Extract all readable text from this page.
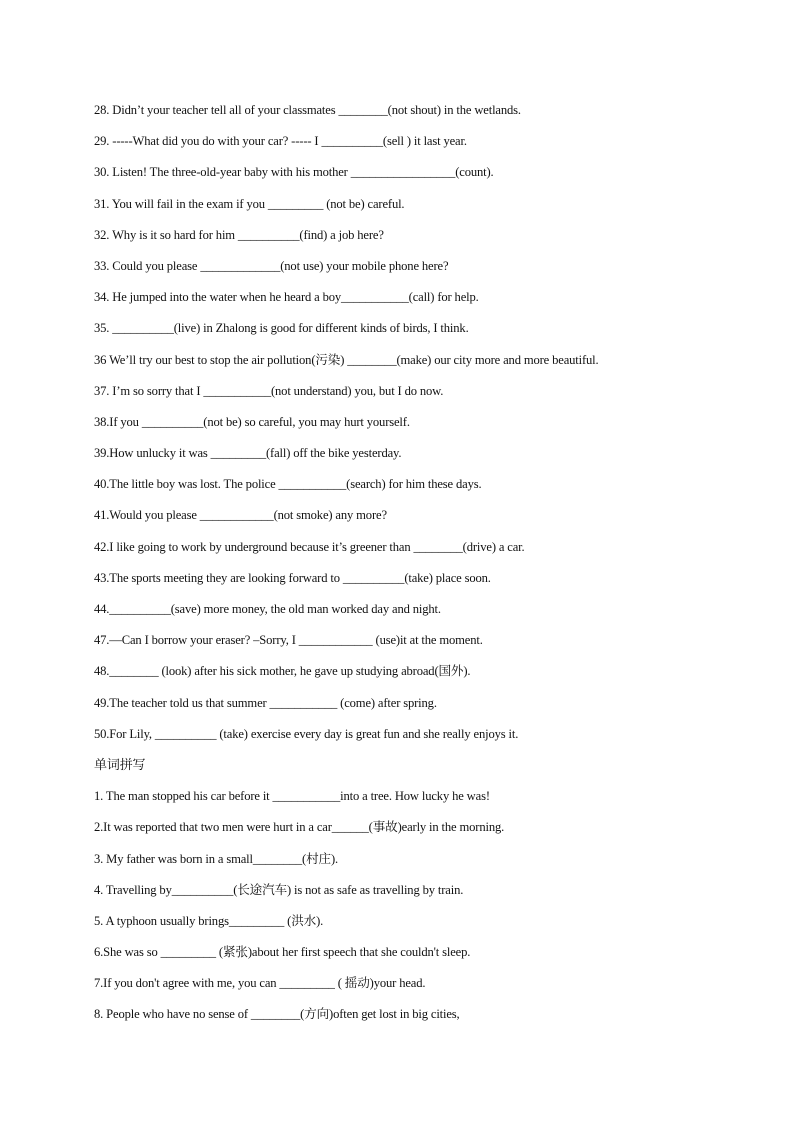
28. Didn’t your teacher tell all of your classmates ________(not shout) in the wetlands.
29. -----What did you do with your car? ----- I __________(sell ) it last year.
30. Listen! The three-old-year baby with his mother _________________(count).
31. You will fail in the exam if you _________ (not be) careful.
32. Why is it so hard for him __________(find) a job here?
33. Could you please _____________(not use) your mobile phone here?
34. He jumped into the water when he heard a boy___________(call) for help.
35. __________(live) in Zhalong is good for different kinds of birds, I think.
36 We’ll try our best to stop the air pollution(污染) ________(make) our city more and more beautiful.
37. I’m so sorry that I ___________(not understand) you, but I do now.
38.If you __________(not be) so careful, you may hurt yourself.
39.How unlucky it was _________(fall) off the bike yesterday.
40.The little boy was lost. The police ___________(search) for him these days.
41.Would you please ____________(not smoke) any more?
42.I like going to work by underground because it’s greener than ________(drive) a car.
43.The sports meeting they are looking forward to __________(take) place soon.
44.__________(save) more money, the old man worked day and night.
47.—Can I borrow your eraser? –Sorry, I ____________ (use)it at the moment.
48.________ (look) after his sick mother, he gave up studying abroad(国外).
49.The teacher told us that summer ___________ (come) after spring.
50.For Lily, __________ (take) exercise every day is great fun and she really enjoys it.
单词拼写
1. The man stopped his car before it ___________into a tree. How lucky he was!
2.It was reported that two men were hurt in a car______(事故)early in the morning.
3. My father was born in a small________(村庄).
4. Travelling by__________(长途汽车) is not as safe as travelling by train.
5. A typhoon usually brings_________ (洪水).
6.She was so _________ (紧张)about her first speech that she couldn't sleep.
7.If you don't agree with me, you can _________ ( 摇动)your head.
8. People who have no sense of ________(方向)often get lost in big cities,
